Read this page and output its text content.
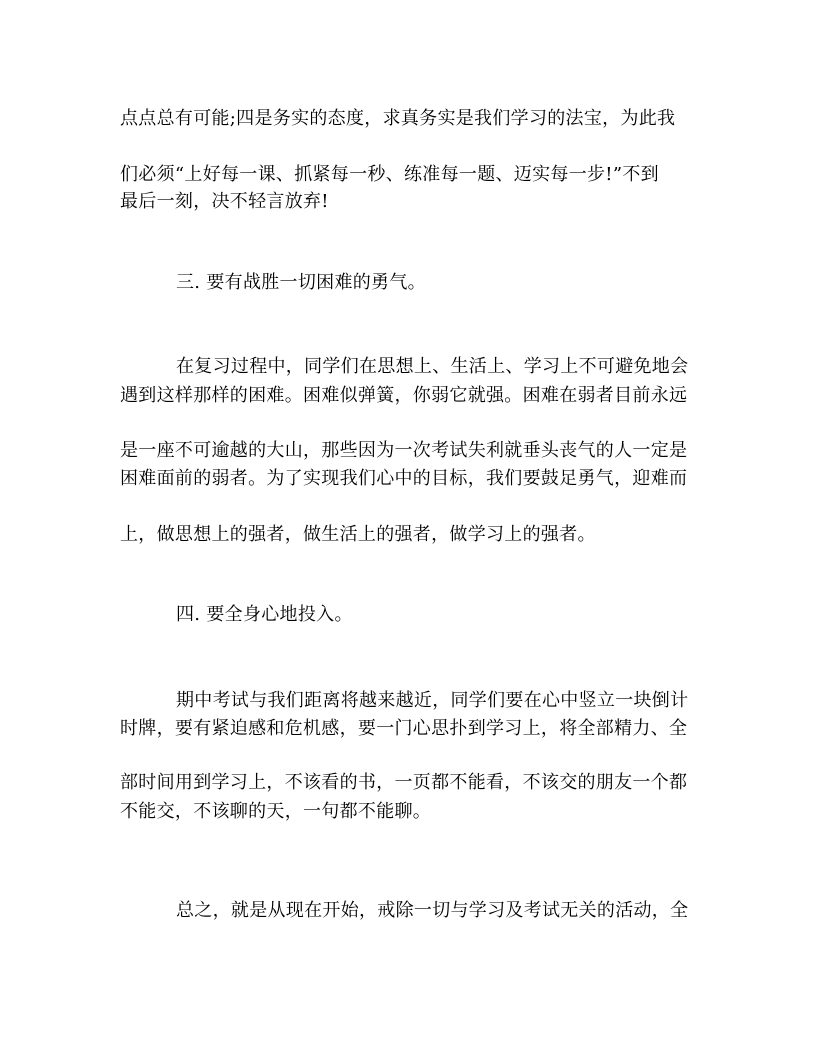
点点总有可能;四是务实的态度，求真务实是我们学习的法宝，为此我

们必须“上好每一课、抓紧每一秒、练准每一题、迈实每一步!”不到

最后一刻，决不轻言放弃!

三. 要有战胜一切困难的勇气。

在复习过程中，同学们在思想上、生活上、学习上不可避免地会

遇到这样那样的困难。困难似弹簧，你弱它就强。困难在弱者目前永远

是一座不可逾越的大山，那些因为一次考试失利就垂头丧气的人一定是

困难面前的弱者。为了实现我们心中的目标，我们要鼓足勇气，迎难而

上，做思想上的强者，做生活上的强者，做学习上的强者。

四. 要全身心地投入。

期中考试与我们距离将越来越近，同学们要在心中竖立一块倒计

时牌，要有紧迫感和危机感，要一门心思扑到学习上，将全部精力、全

部时间用到学习上，不该看的书，一页都不能看，不该交的朋友一个都

不能交，不该聊的天，一句都不能聊。

总之，就是从现在开始，戒除一切与学习及考试无关的活动，全
